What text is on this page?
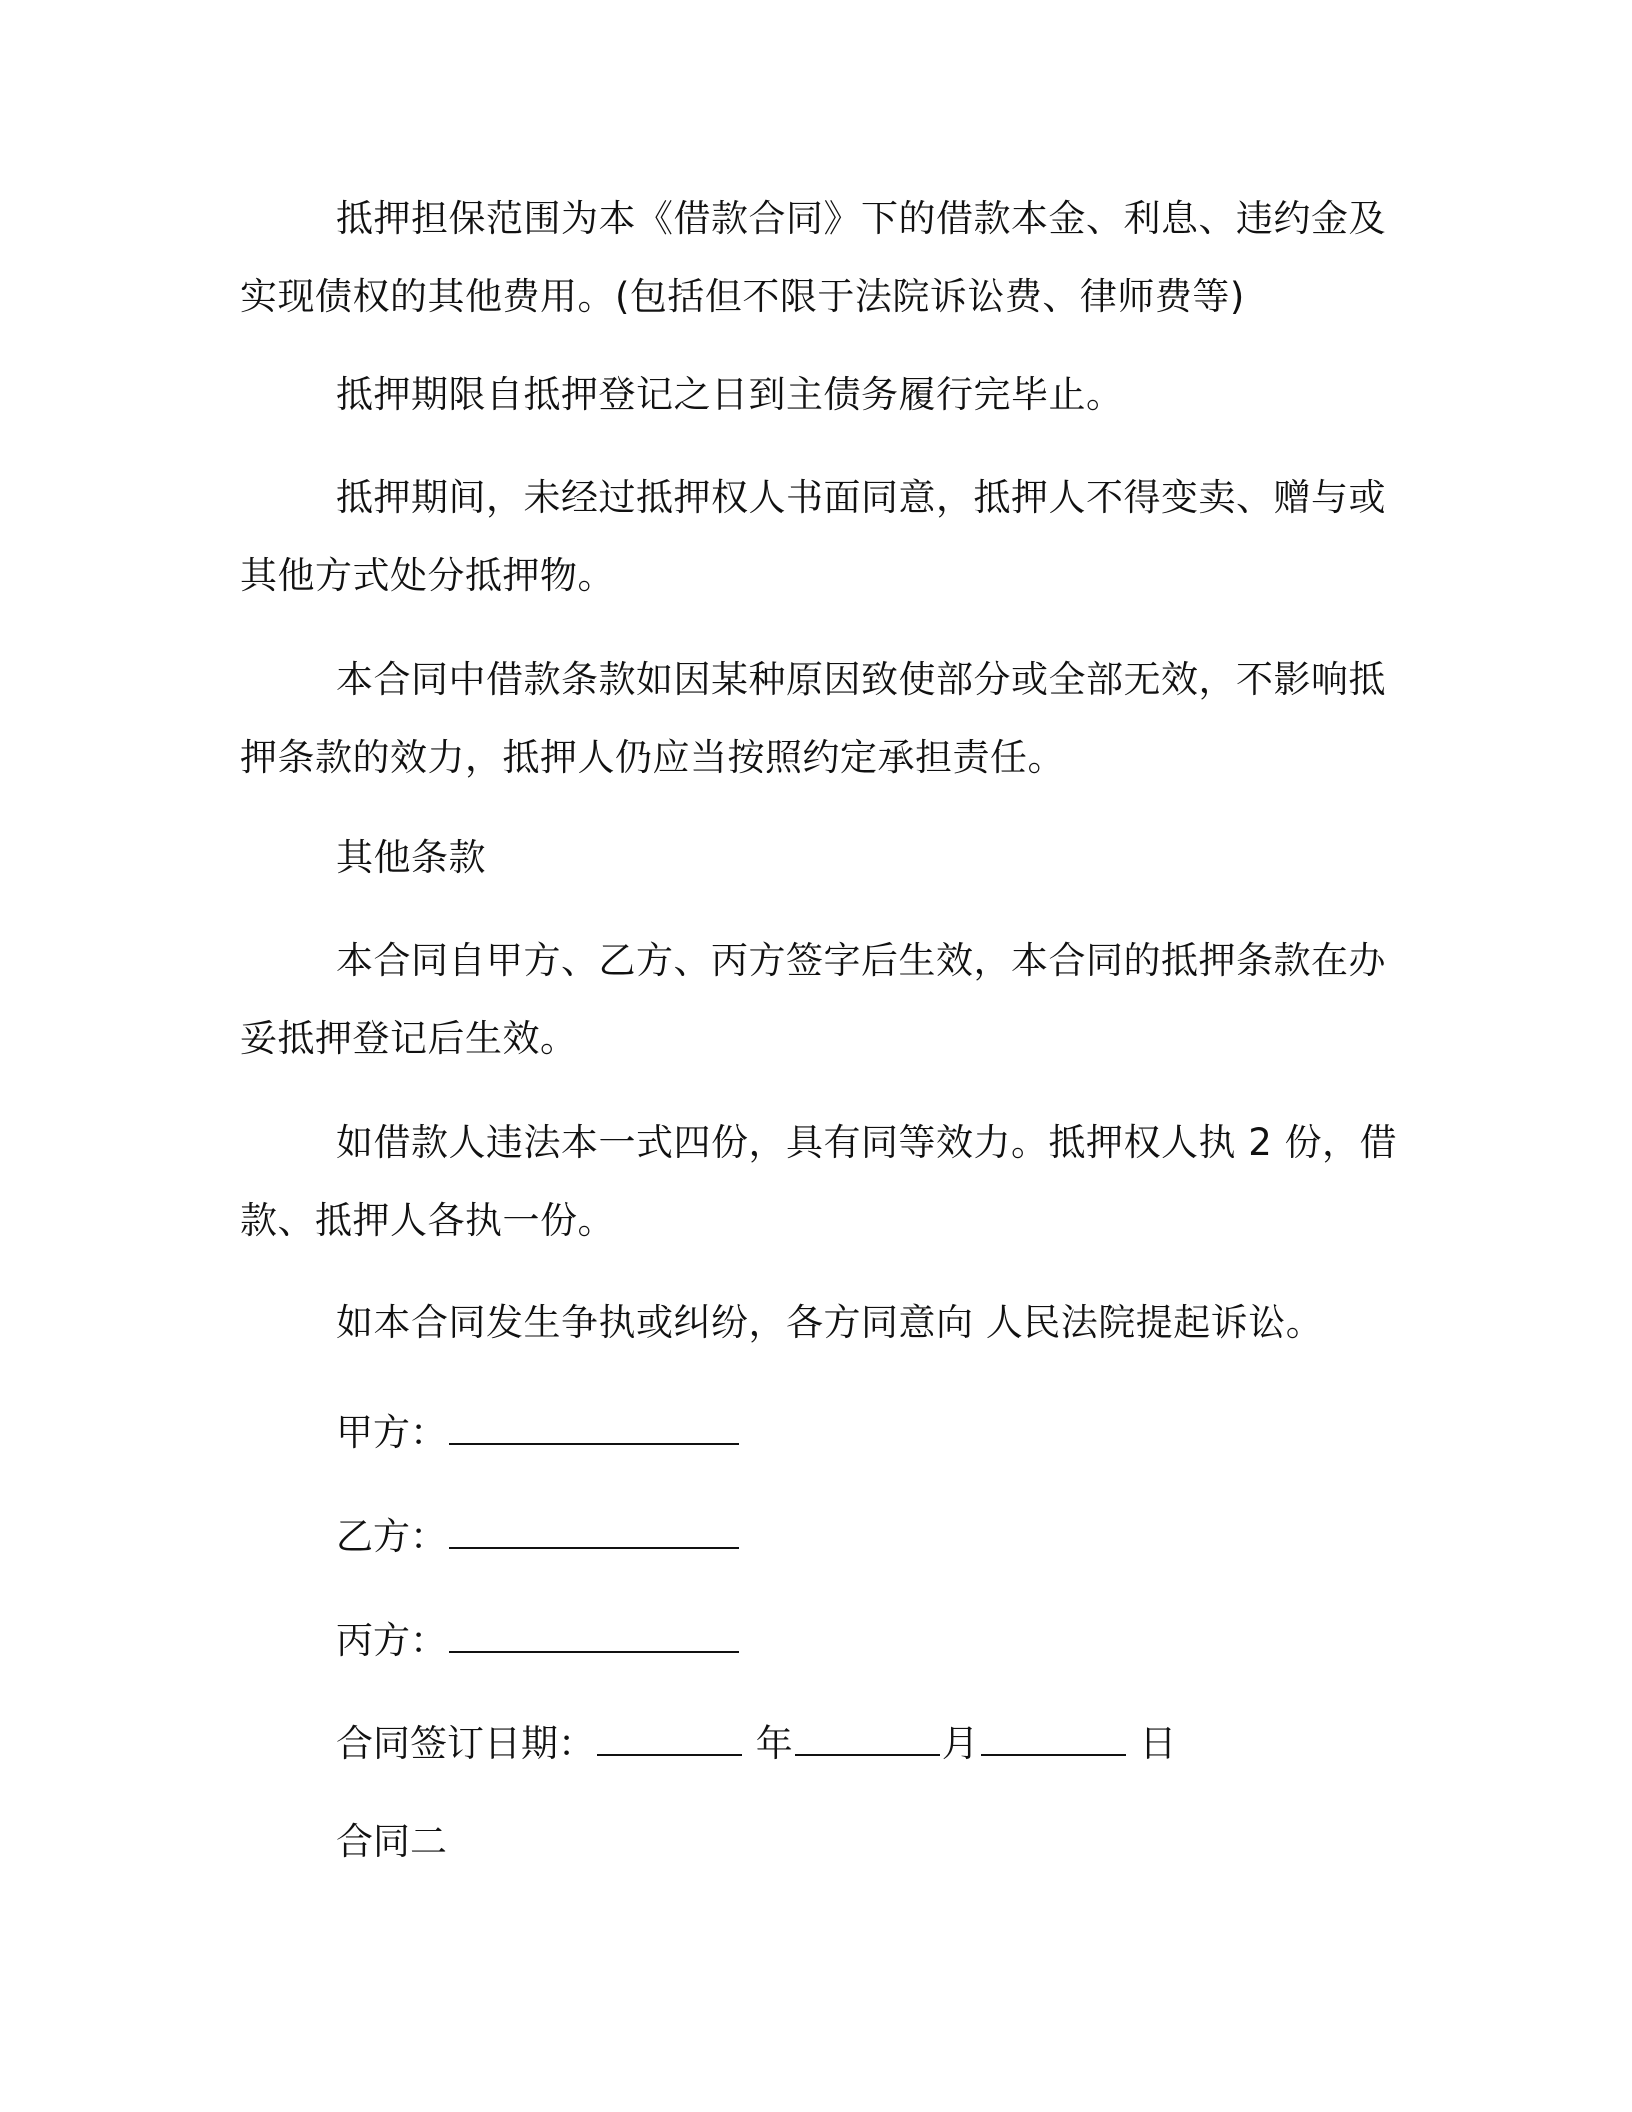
抵押担保范围为本《借款合同》下的借款本金、利息、违约金及
实现债权的其他费用。(包括但不限于法院诉讼费、律师费等)
抵押期限自抵押登记之日到主债务履行完毕止。
抵押期间，未经过抵押权人书面同意，抵押人不得变卖、赠与或
其他方式处分抵押物。
本合同中借款条款如因某种原因致使部分或全部无效，不影响抵
押条款的效力，抵押人仍应当按照约定承担责任。
其他条款
本合同自甲方、乙方、丙方签字后生效，本合同的抵押条款在办
妥抵押登记后生效。
如借款人违法本一式四份，具有同等效力。抵押权人执 2 份，借
款、抵押人各执一份。
如本合同发生争执或纠纷，各方同意向 人民法院提起诉讼。
甲方：
乙方：
丙方：
合同签订日期：	年	月	日
合同二
